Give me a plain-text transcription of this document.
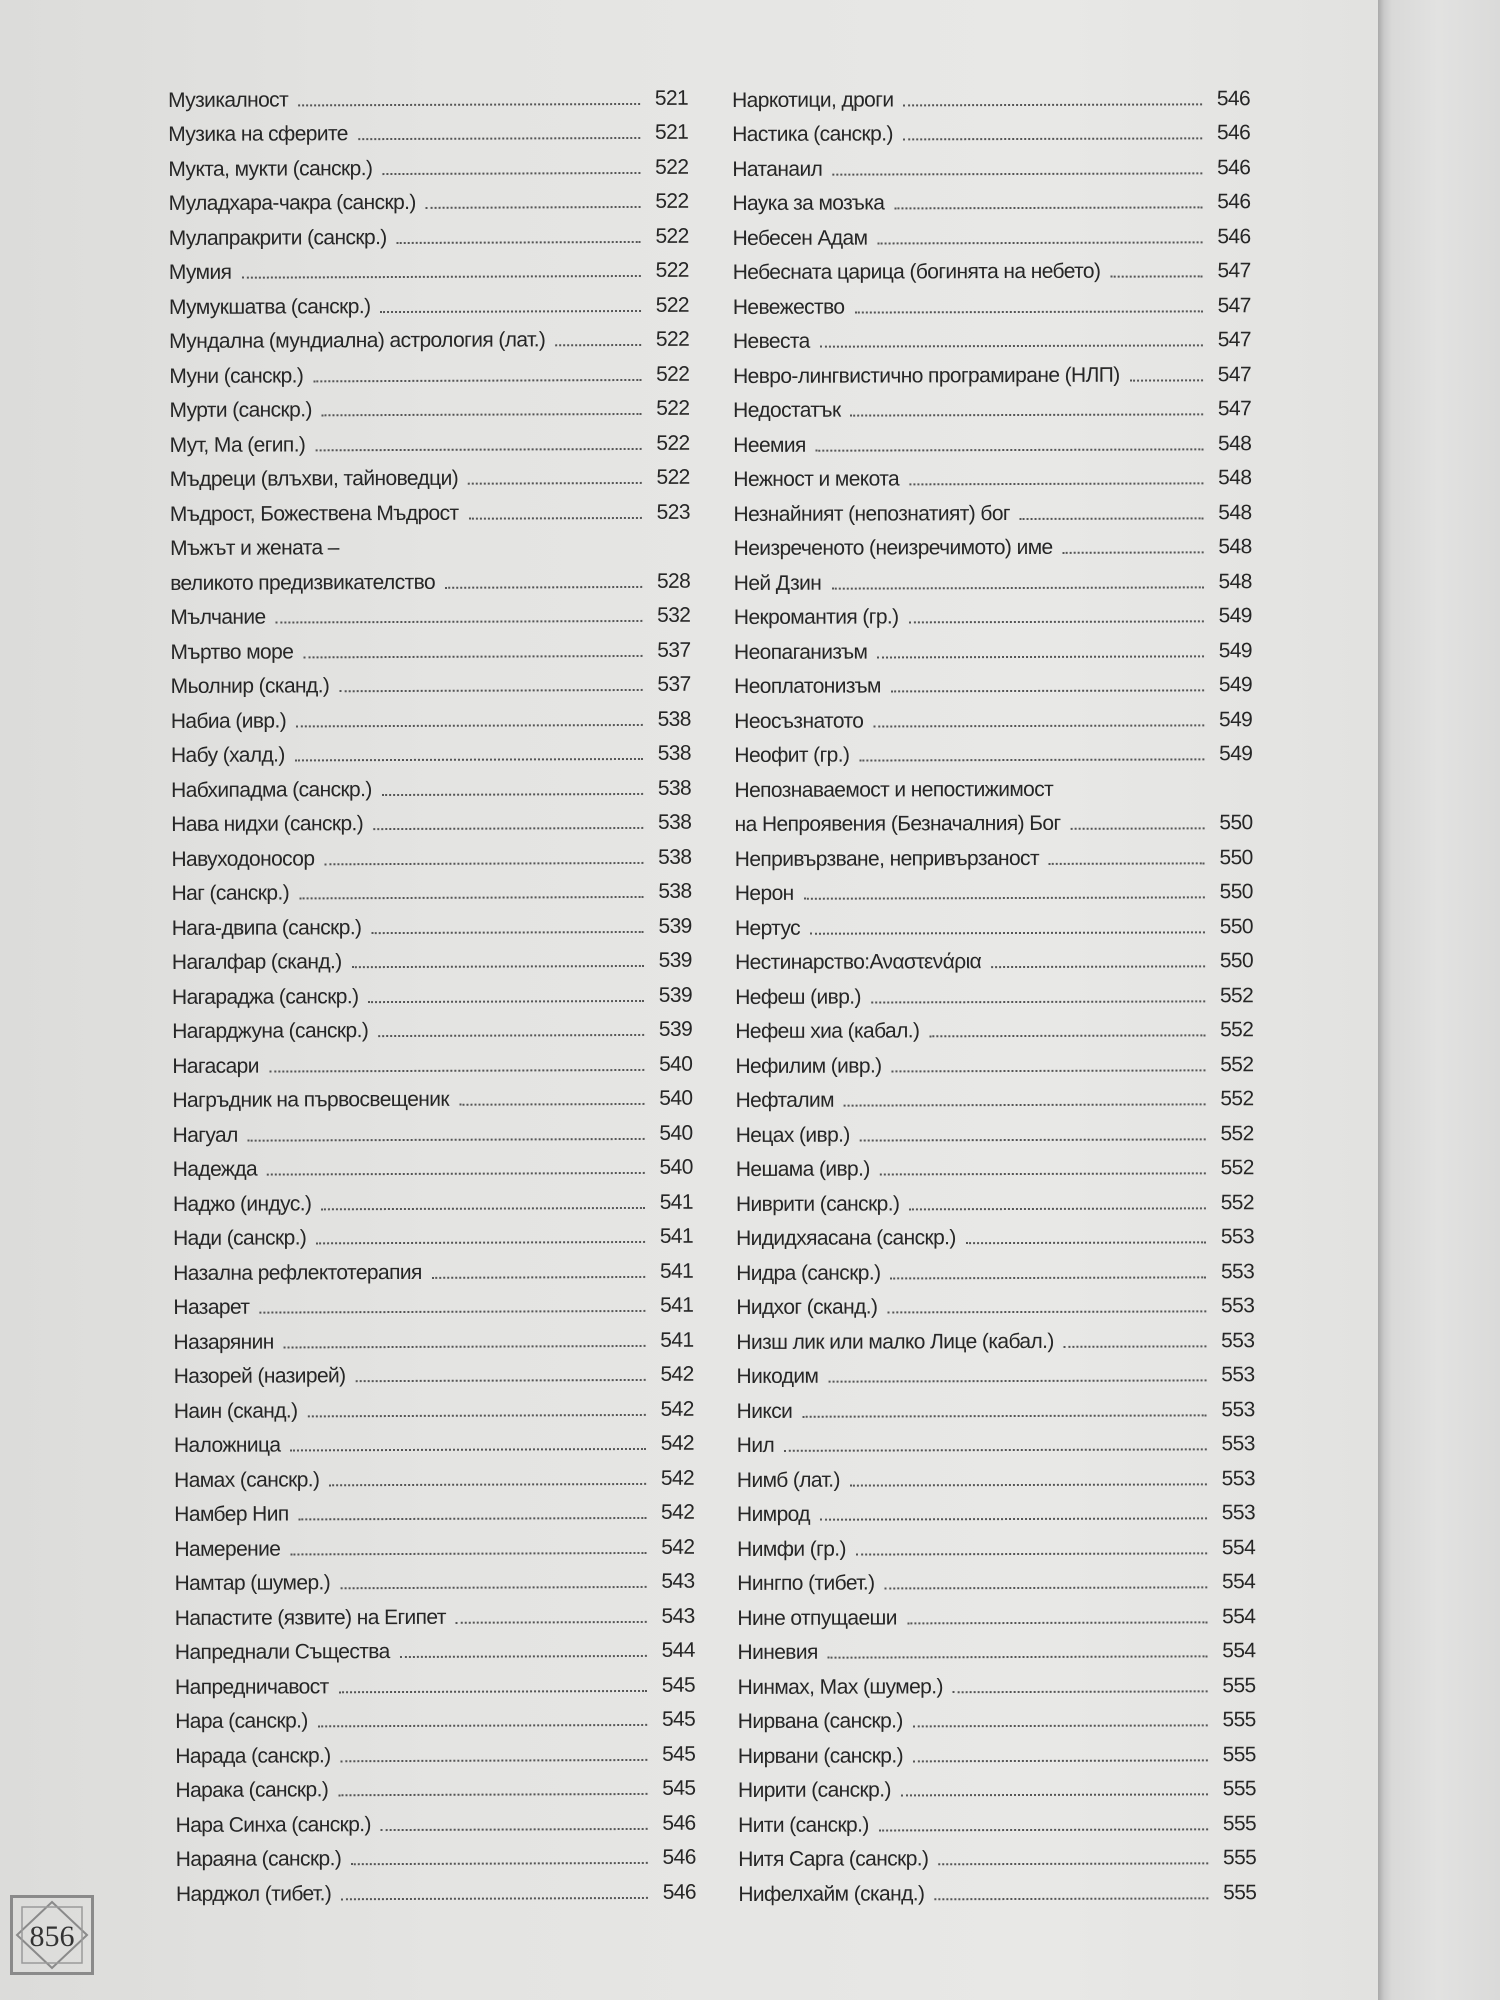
Музикалност	521
Музика на сферите	521
Мукта, мукти (санскр.)	522
Муладхара-чакра (санскр.)	522
Мулапракрити (санскр.)	522
Мумия	522
Мумукшатва (санскр.)	522
Мундална (мундиална) астрология (лат.)	522
Муни (санскр.)	522
Мурти (санскр.)	522
Мут, Ма (егип.)	522
Мъдреци (влъхви, тайноведци)	522
Мъдрост, Божествена Мъдрост	523
Мъжът и жената –
великото предизвикателство	528
Мълчание	532
Мъртво море	537
Мьолнир (сканд.)	537
Набиа (ивр.)	538
Набу (халд.)	538
Набхипадма (санскр.)	538
Нава нидхи (санскр.)	538
Навуходоносор	538
Наг (санскр.)	538
Нага-двипа (санскр.)	539
Нагалфар (сканд.)	539
Нагараджа (санскр.)	539
Нагарджуна (санскр.)	539
Нагасари	540
Нагръдник на първосвещеник	540
Нагуал	540
Надежда	540
Наджо (индус.)	541
Нади (санскр.)	541
Назална рефлектотерапия	541
Назарет	541
Назарянин	541
Назорей (назирей)	542
Наин (сканд.)	542
Наложница	542
Намах (санскр.)	542
Намбер Нип	542
Намерение	542
Намтар (шумер.)	543
Напастите (язвите) на Египет	543
Напреднали Същества	544
Напредничавост	545
Нара (санскр.)	545
Нарада (санскр.)	545
Нарака (санскр.)	545
Нара Синха (санскр.)	546
Нараяна (санскр.)	546
Нарджол (тибет.)	546
Наркотици, дроги	546
Настика (санскр.)	546
Натанаил	546
Наука за мозъка	546
Небесен Адам	546
Небесната царица (богинята на небето)	547
Невежество	547
Невеста	547
Невро-лингвистично програмиране (НЛП)	547
Недостатък	547
Неемия	548
Нежност и мекота	548
Незнайният (непознатият) бог	548
Неизреченото (неизречимото) име	548
Ней Дзин	548
Некромантия (гр.)	549
Неопаганизъм	549
Неоплатонизъм	549
Неосъзнатото	549
Неофит (гр.)	549
Непознаваемост и непостижимост
на Непроявения (Безначалния) Бог	550
Непривързване, непривързаност	550
Нерон	550
Нертус	550
Нестинарство:Αναστενάρια	550
Нефеш (ивр.)	552
Нефеш хиа (кабал.)	552
Нефилим (ивр.)	552
Нефталим	552
Нецах (ивр.)	552
Нешама (ивр.)	552
Ниврити (санскр.)	552
Нидидхяасана (санскр.)	553
Нидра (санскр.)	553
Нидхог (сканд.)	553
Низш лик или малко Лице (кабал.)	553
Никодим	553
Никси	553
Нил	553
Нимб (лат.)	553
Нимрод	553
Нимфи (гр.)	554
Нингпо (тибет.)	554
Нине отпущаеши	554
Ниневия	554
Нинмах, Мах (шумер.)	555
Нирвана (санскр.)	555
Нирвани (санскр.)	555
Нирити (санскр.)	555
Нити (санскр.)	555
Нитя Сарга (санскр.)	555
Нифелхайм (сканд.)	555
856
